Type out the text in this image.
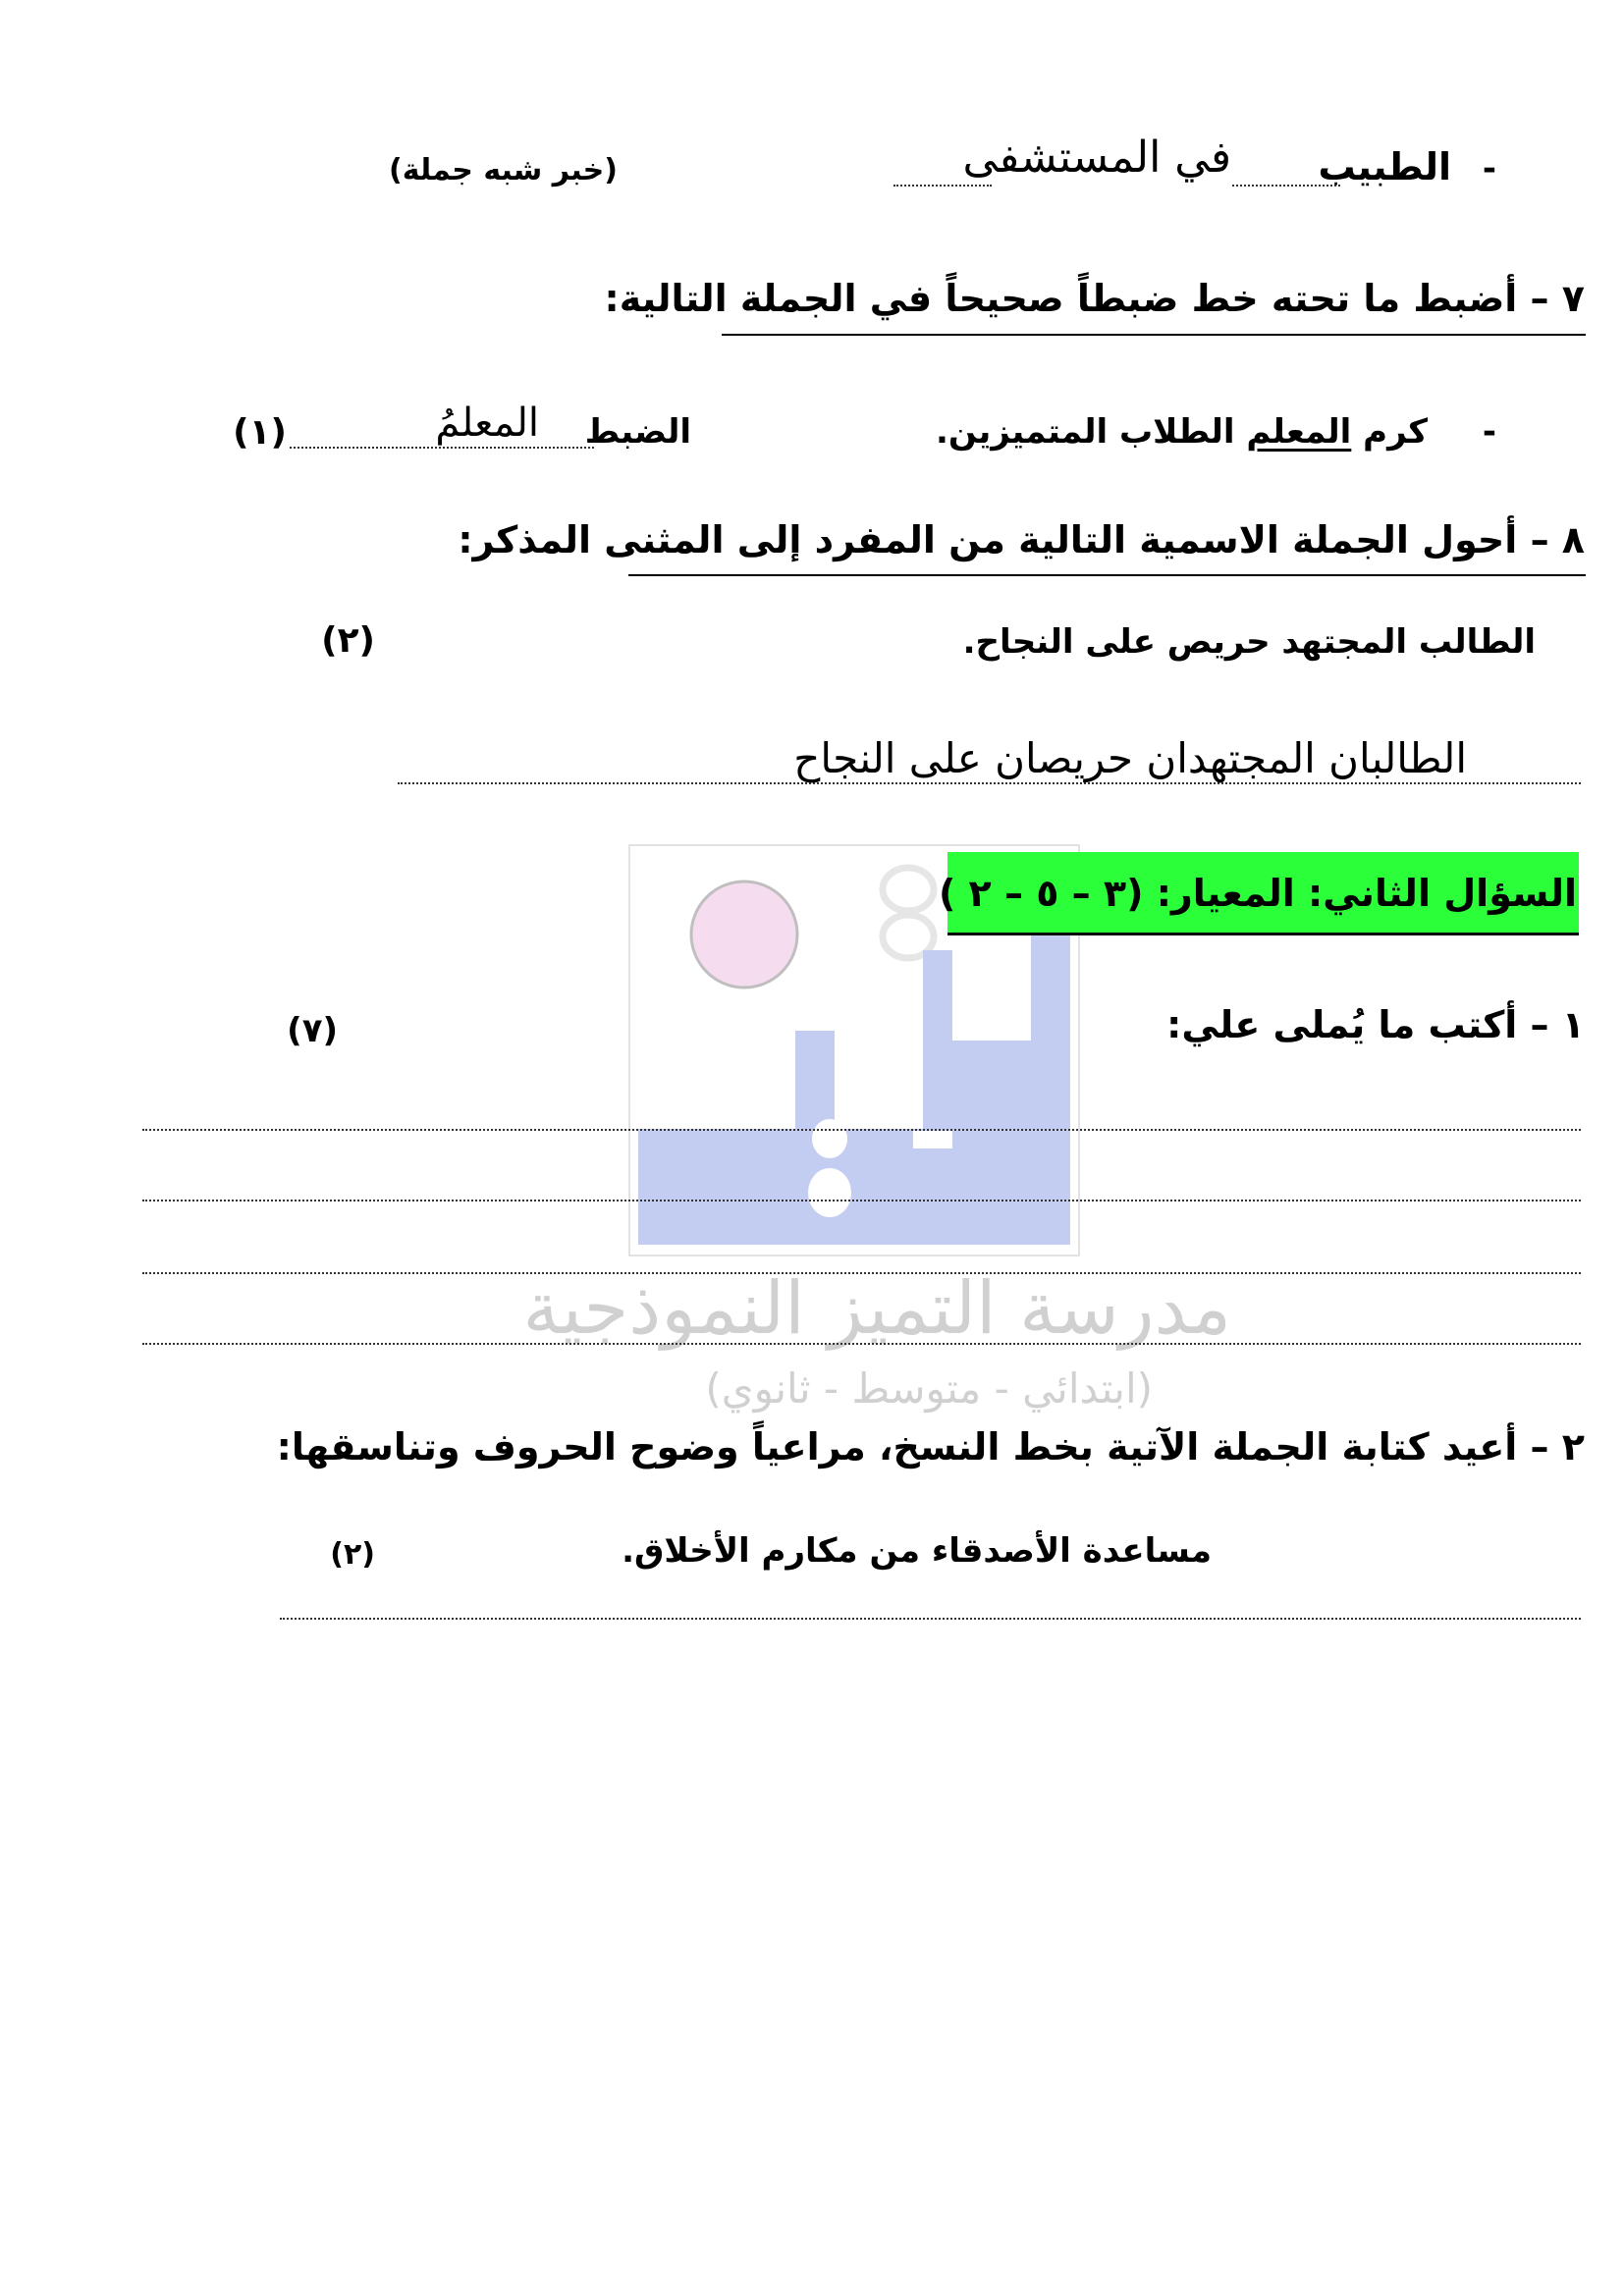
مدرسة التميز النموذجية
(ابتدائي - متوسط - ثانوي)
-
الطبيب
في المستشفى
(خبر شبه جملة)
٧ – أضبط ما تحته خط ضبطاً صحيحاً في الجملة التالية:
-
كرم المعلم الطلاب المتميزين.
الضبط
المعلمُ
(١)
٨ – أحول الجملة الاسمية التالية من المفرد إلى المثنى المذكر:
الطالب المجتهد حريص على النجاح.
(٢)
الطالبان المجتهدان حريصان على النجاح
السؤال الثاني: المعيار: (٣ – ٥ – ٢ )
١ – أكتب ما يُملى علي:
(٧)
٢ – أعيد كتابة الجملة الآتية بخط النسخ، مراعياً وضوح الحروف وتناسقها:
مساعدة الأصدقاء من مكارم الأخلاق.
(٢)
